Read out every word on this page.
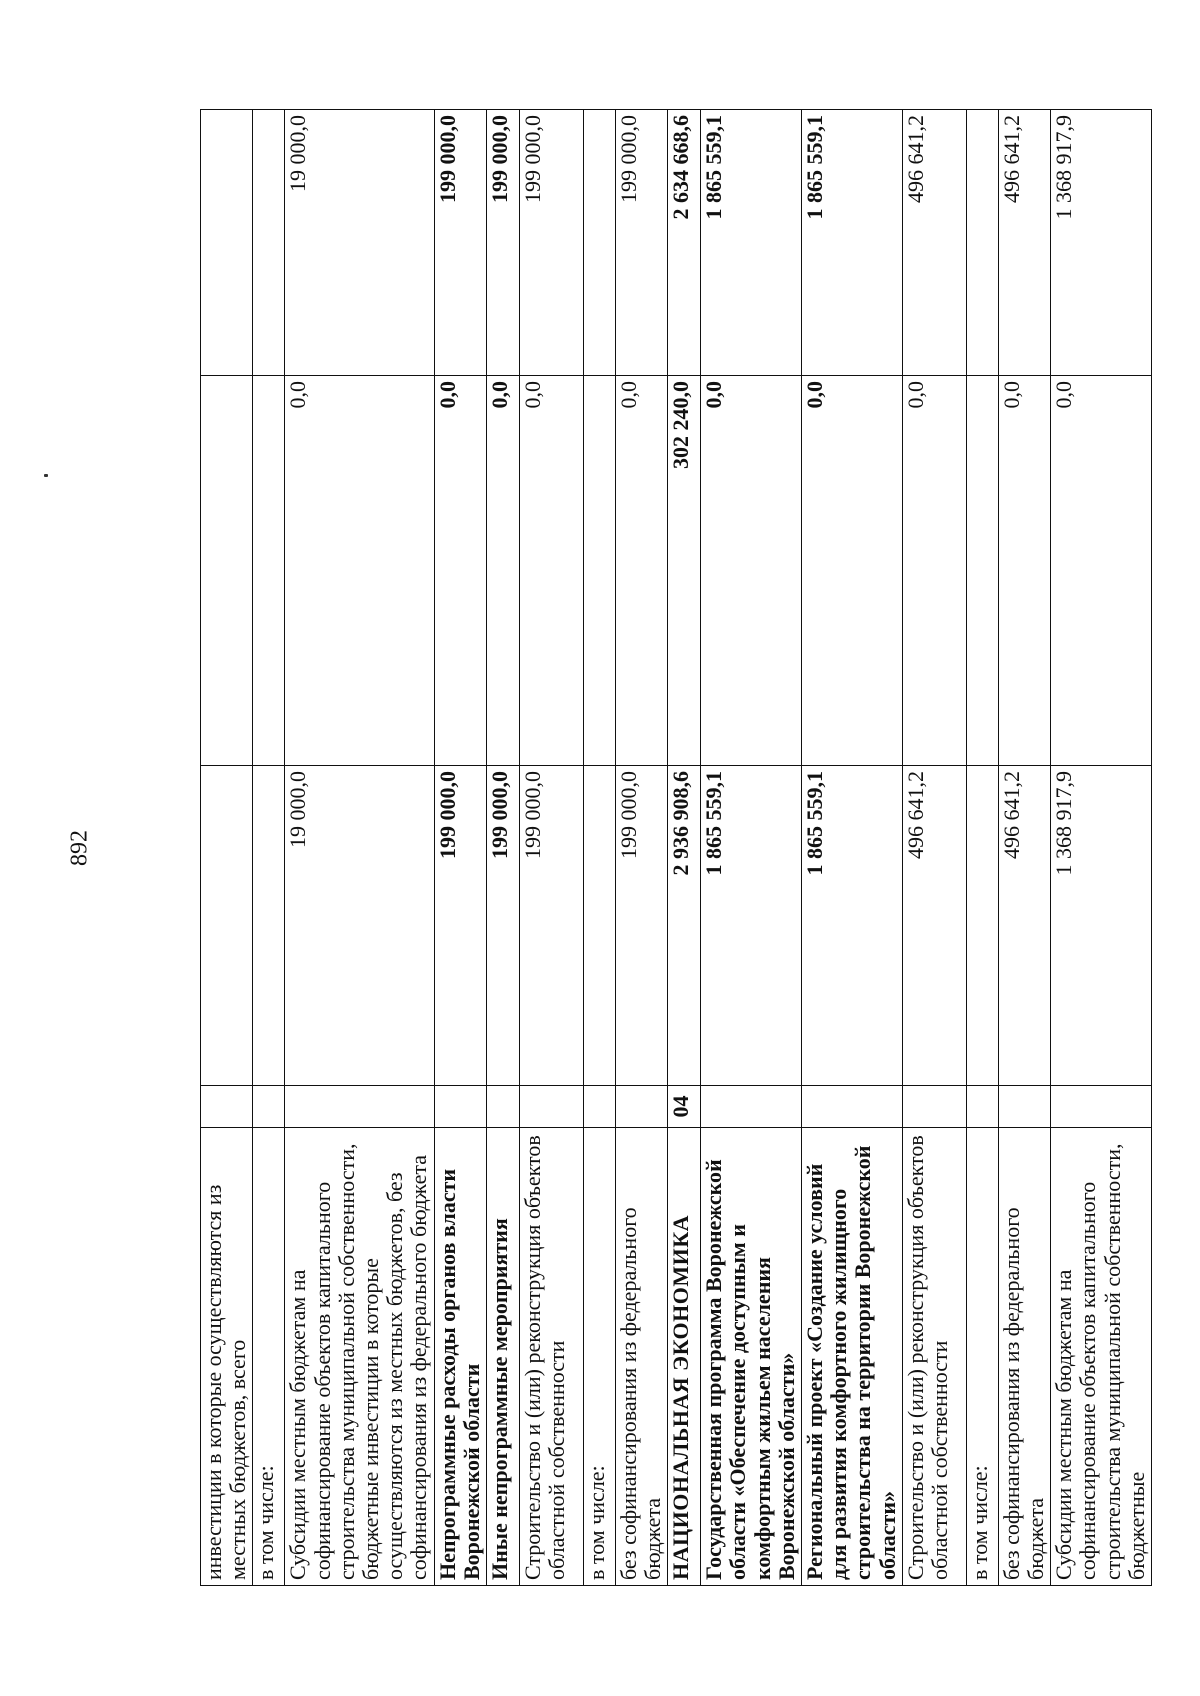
892
инвестиции в которые осуществляются из местных бюджетов, всего				
в том числе:				
Субсидии местным бюджетам на софинансирование объектов капитального строительства муниципальной собственности, бюджетные инвестиции в которые осуществляются из местных бюджетов, без софинансирования из федерального бюджета		19 000,0	0,0	19 000,0
Непрограммные расходы органов власти Воронежской области		199 000,0	0,0	199 000,0
Иные непрограммные мероприятия		199 000,0	0,0	199 000,0
Строительство и (или) реконструкция объектов областной собственности		199 000,0	0,0	199 000,0
в том числе:				
без софинансирования из федерального бюджета		199 000,0	0,0	199 000,0
НАЦИОНАЛЬНАЯ ЭКОНОМИКА	04	2 936 908,6	302 240,0	2 634 668,6
Государственная программа Воронежской области «Обеспечение доступным и комфортным жильем населения Воронежской области»		1 865 559,1	0,0	1 865 559,1
Региональный проект «Создание условий для развития комфортного жилищного строительства на территории Воронежской области»		1 865 559,1	0,0	1 865 559,1
Строительство и (или) реконструкция объектов областной собственности		496 641,2	0,0	496 641,2
в том числе:				
без софинансирования из федерального бюджета		496 641,2	0,0	496 641,2
Субсидии местным бюджетам на софинансирование объектов капитального строительства муниципальной собственности, бюджетные		1 368 917,9	0,0	1 368 917,9
